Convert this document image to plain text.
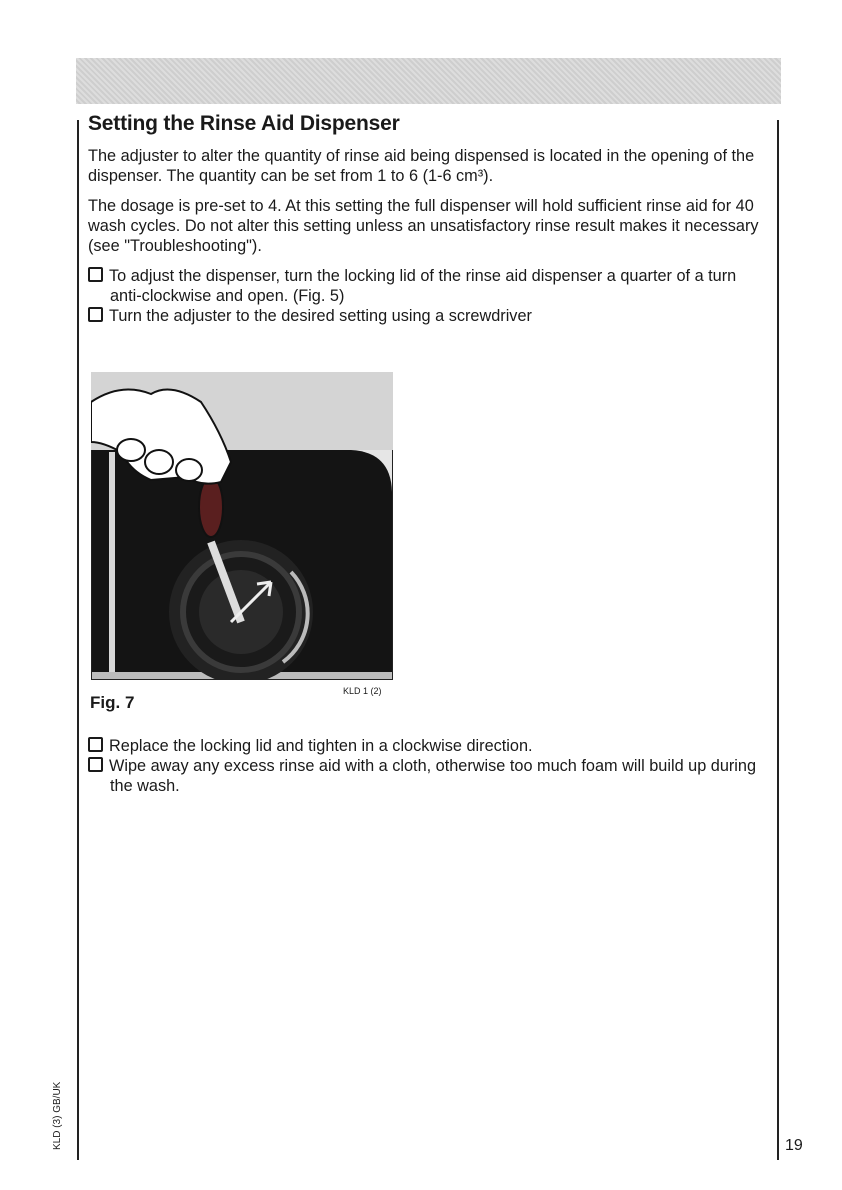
Setting the Rinse Aid Dispenser

The adjuster to alter the quantity of rinse aid being dispensed is located in the opening of the dispenser. The quantity can be set from 1 to 6 (1-6 cm³).

The dosage is pre-set to 4. At this setting the full dispenser will hold sufficient rinse aid for 40 wash cycles. Do not alter this setting unless an unsatisfactory rinse result makes it necessary (see "Troubleshooting").

To adjust the dispenser, turn the locking lid of the rinse aid dispenser a quarter of a turn anti-clockwise and open. (Fig. 5)
Turn the adjuster to the desired setting using a screwdriver
Fig. 7
KLD 1 (2)
Replace the locking lid and tighten in a clockwise direction.
Wipe away any excess rinse aid with a cloth, otherwise too much foam will build up during the wash.
KLD (3) GB/UK	19
